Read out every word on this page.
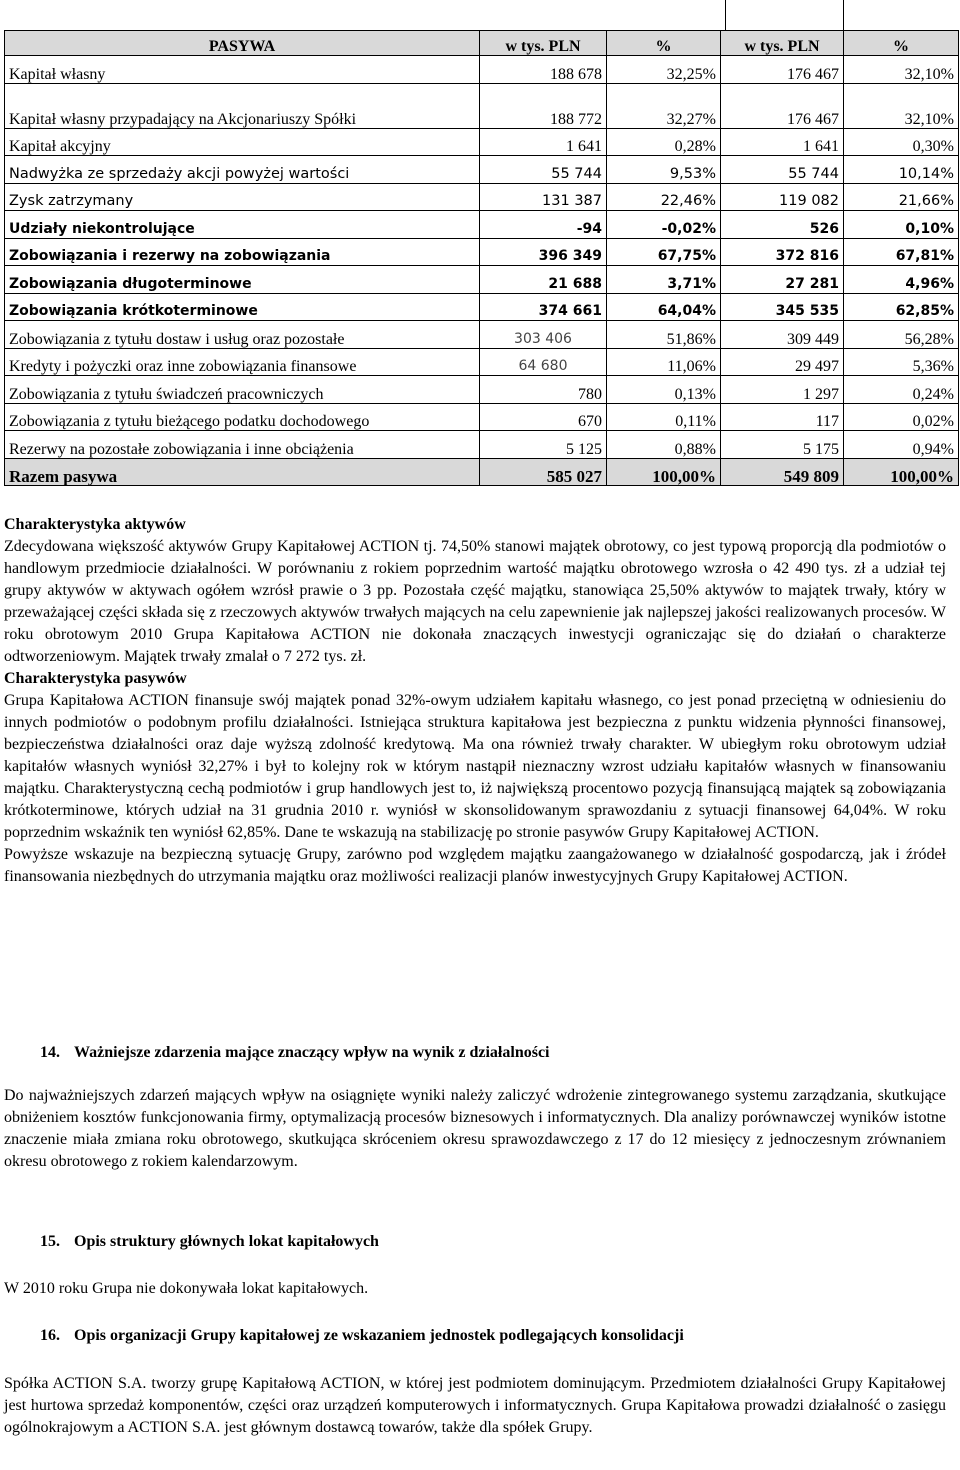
PASYWA	w tys. PLN	%	w tys. PLN	%
Kapitał własny	188 678	32,25%	176 467	32,10%
Kapitał własny przypadający na Akcjonariuszy Spółki	188 772	32,27%	176 467	32,10%
Kapitał akcyjny	1 641	0,28%	1 641	0,30%
Nadwyżka ze sprzedaży akcji powyżej wartości	55 744	9,53%	55 744	10,14%
Zysk zatrzymany	131 387	22,46%	119 082	21,66%
Udziały niekontrolujące	-94	-0,02%	526	0,10%
Zobowiązania i rezerwy na zobowiązania	396 349	67,75%	372 816	67,81%
Zobowiązania długoterminowe	21 688	3,71%	27 281	4,96%
Zobowiązania krótkoterminowe	374 661	64,04%	345 535	62,85%
Zobowiązania z tytułu dostaw i usług oraz pozostałe	303 406	51,86%	309 449	56,28%
Kredyty i pożyczki oraz inne zobowiązania finansowe	64 680	11,06%	29 497	5,36%
Zobowiązania z tytułu świadczeń pracowniczych	780	0,13%	1 297	0,24%
Zobowiązania z tytułu bieżącego podatku dochodowego	670	0,11%	117	0,02%
Rezerwy na pozostałe zobowiązania i inne obciążenia	5 125	0,88%	5 175	0,94%
Razem pasywa	585 027	100,00%	549 809	100,00%

Charakterystyka aktywów

Zdecydowana większość aktywów Grupy Kapitałowej ACTION tj. 74,50% stanowi majątek obrotowy, co jest typową proporcją dla podmiotów o handlowym przedmiocie działalności. W porównaniu z rokiem poprzednim wartość majątku obrotowego wzrosła o 42 490 tys. zł a udział tej grupy aktywów w aktywach ogółem wzrósł prawie o 3 pp. Pozostała część majątku, stanowiąca 25,50% aktywów to majątek trwały, który w przeważającej części składa się z rzeczowych aktywów trwałych mających na celu zapewnienie jak najlepszej jakości realizowanych procesów. W roku obrotowym 2010 Grupa Kapitałowa ACTION nie dokonała znaczących inwestycji ograniczając się do działań o charakterze odtworzeniowym. Majątek trwały zmalał o 7 272 tys. zł.

Charakterystyka pasywów

Grupa Kapitałowa ACTION finansuje swój majątek ponad 32%-owym udziałem kapitału własnego, co jest ponad przeciętną w odniesieniu do innych podmiotów o podobnym profilu działalności. Istniejąca struktura kapitałowa jest bezpieczna z punktu widzenia płynności finansowej, bezpieczeństwa działalności oraz daje wyższą zdolność kredytową. Ma ona również trwały charakter. W ubiegłym roku obrotowym udział kapitałów własnych wyniósł 32,27% i był to kolejny rok w którym nastąpił nieznaczny wzrost udziału kapitałów własnych w finansowaniu majątku. Charakterystyczną cechą podmiotów i grup handlowych jest to, iż największą procentowo pozycją finansującą majątek są zobowiązania krótkoterminowe, których udział na 31 grudnia 2010 r. wyniósł w skonsolidowanym sprawozdaniu z sytuacji finansowej 64,04%. W roku poprzednim wskaźnik ten wyniósł 62,85%. Dane te wskazują na stabilizację po stronie pasywów Grupy Kapitałowej ACTION.

Powyższe wskazuje na bezpieczną sytuację Grupy, zarówno pod względem majątku zaangażowanego w działalność gospodarczą, jak i źródeł finansowania niezbędnych do utrzymania majątku oraz możliwości realizacji planów inwestycyjnych Grupy Kapitałowej ACTION.

14. Ważniejsze zdarzenia mające znaczący wpływ na wynik z działalności

Do najważniejszych zdarzeń mających wpływ na osiągnięte wyniki należy zaliczyć wdrożenie zintegrowanego systemu zarządzania, skutkujące obniżeniem kosztów funkcjonowania firmy, optymalizacją procesów biznesowych i informatycznych. Dla analizy porównawczej wyników istotne znaczenie miała zmiana roku obrotowego, skutkująca skróceniem okresu sprawozdawczego z 17 do 12 miesięcy z jednoczesnym zrównaniem okresu obrotowego z rokiem kalendarzowym.

15. Opis struktury głównych lokat kapitałowych

W 2010 roku Grupa nie dokonywała lokat kapitałowych.

16. Opis organizacji Grupy kapitałowej ze wskazaniem jednostek podlegających konsolidacji

Spółka ACTION S.A. tworzy grupę Kapitałową ACTION, w której jest podmiotem dominującym. Przedmiotem działalności Grupy Kapitałowej jest hurtowa sprzedaż komponentów, części oraz urządzeń komputerowych i informatycznych. Grupa Kapitałowa prowadzi działalność o zasięgu ogólnokrajowym a ACTION S.A. jest głównym dostawcą towarów, także dla spółek Grupy.
